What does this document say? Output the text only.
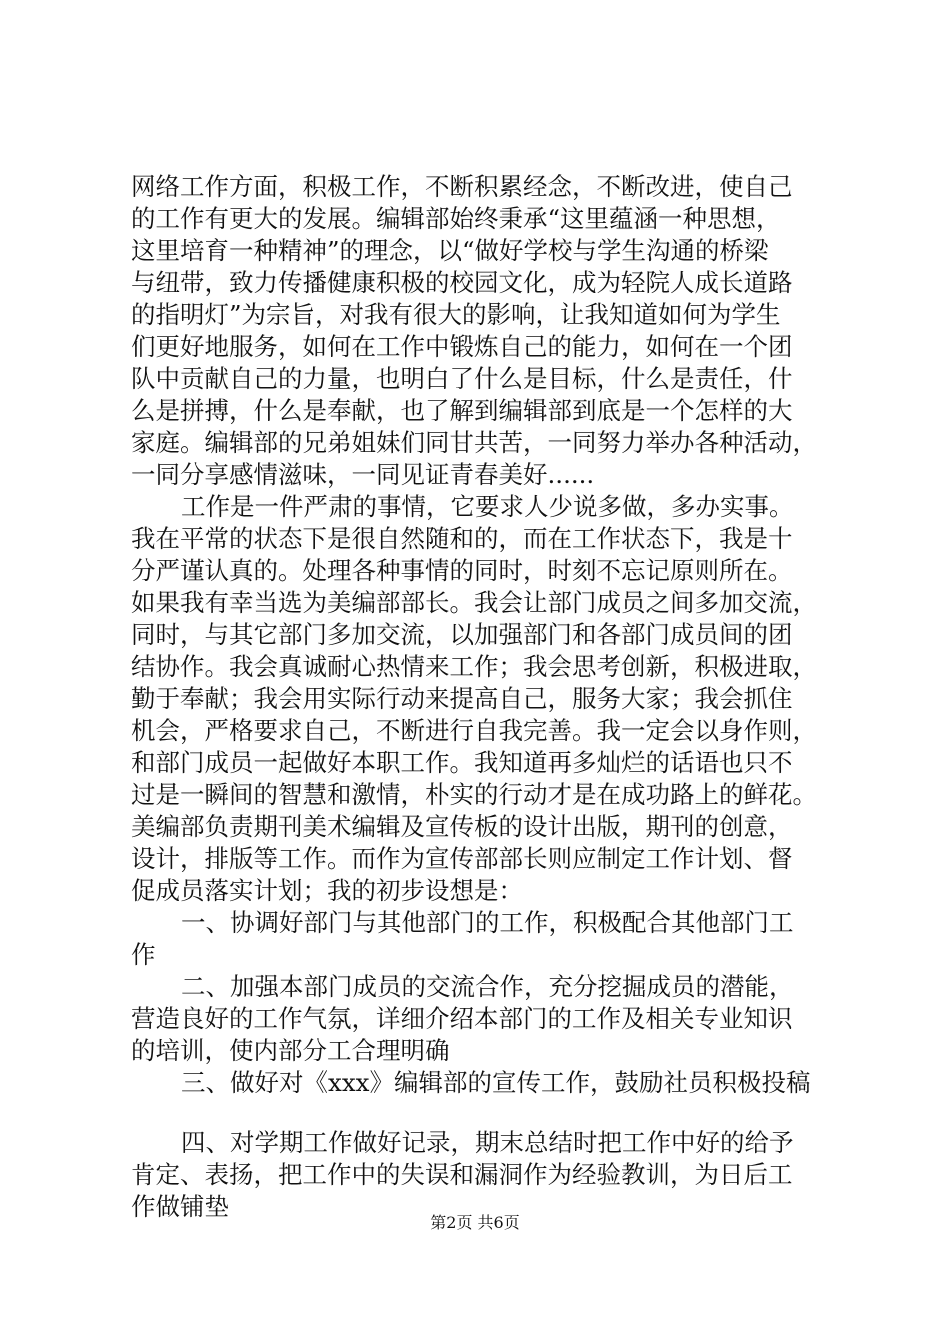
网络工作方面，积极工作，不断积累经念，不断改进，使自己
的工作有更大的发展。编辑部始终秉承“这里蕴涵一种思想，
这里培育一种精神”的理念，以“做好学校与学生沟通的桥梁
与纽带，致力传播健康积极的校园文化，成为轻院人成长道路
的指明灯”为宗旨，对我有很大的影响，让我知道如何为学生
们更好地服务，如何在工作中锻炼自己的能力，如何在一个团
队中贡献自己的力量，也明白了什么是目标，什么是责任，什
么是拼搏，什么是奉献，也了解到编辑部到底是一个怎样的大
家庭。编辑部的兄弟姐妹们同甘共苦，一同努力举办各种活动，
一同分享感情滋味，一同见证青春美好......
工作是一件严肃的事情，它要求人少说多做，多办实事。
我在平常的状态下是很自然随和的，而在工作状态下，我是十
分严谨认真的。处理各种事情的同时，时刻不忘记原则所在。
如果我有幸当选为美编部部长。我会让部门成员之间多加交流，
同时，与其它部门多加交流，以加强部门和各部门成员间的团
结协作。我会真诚耐心热情来工作；我会思考创新，积极进取，
勤于奉献；我会用实际行动来提高自己，服务大家；我会抓住
机会，严格要求自己，不断进行自我完善。我一定会以身作则，
和部门成员一起做好本职工作。我知道再多灿烂的话语也只不
过是一瞬间的智慧和激情，朴实的行动才是在成功路上的鲜花。
美编部负责期刊美术编辑及宣传板的设计出版，期刊的创意，
设计，排版等工作。而作为宣传部部长则应制定工作计划、督
促成员落实计划；我的初步设想是：
一、协调好部门与其他部门的工作，积极配合其他部门工
作
二、加强本部门成员的交流合作，充分挖掘成员的潜能，
营造良好的工作气氛，详细介绍本部门的工作及相关专业知识
的培训，使内部分工合理明确
三、做好对《xxx》编辑部的宣传工作，鼓励社员积极投稿
四、对学期工作做好记录，期末总结时把工作中好的给予
肯定、表扬，把工作中的失误和漏洞作为经验教训，为日后工
作做铺垫
第2页 共6页
